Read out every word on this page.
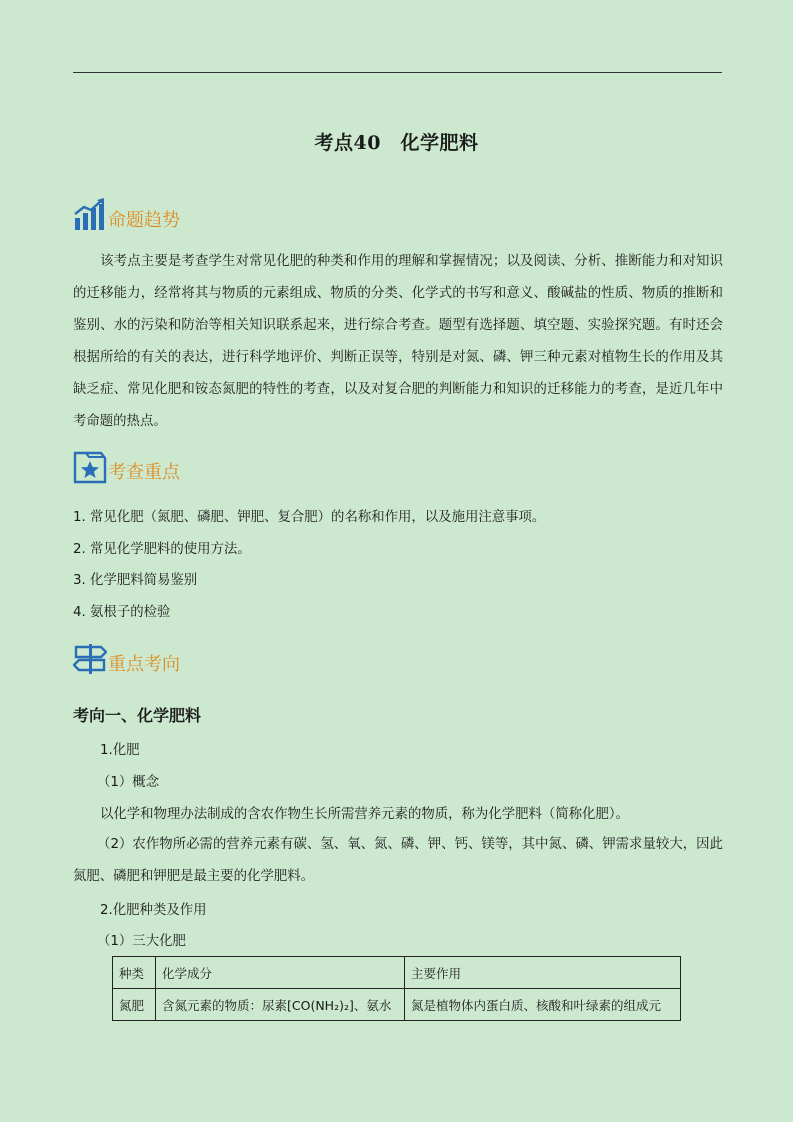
考点40　化学肥料
命题趋势

该考点主要是考查学生对常见化肥的种类和作用的理解和掌握情况；以及阅读、分析、推断能力和对知识的迁移能力，经常将其与物质的元素组成、物质的分类、化学式的书写和意义、酸碱盐的性质、物质的推断和鉴别、水的污染和防治等相关知识联系起来，进行综合考查。题型有选择题、填空题、实验探究题。有时还会根据所给的有关的表达，进行科学地评价、判断正误等，特别是对氮、磷、钾三种元素对植物生长的作用及其缺乏症、常见化肥和铵态氮肥的特性的考查，以及对复合肥的判断能力和知识的迁移能力的考查，是近几年中考命题的热点。

考查重点
1. 常见化肥（氮肥、磷肥、钾肥、复合肥）的名称和作用，以及施用注意事项。
2. 常见化学肥料的使用方法。
3. 化学肥料简易鉴别
4. 氨根子的检验
重点考向
考向一、化学肥料
1.化肥
（1）概念
以化学和物理办法制成的含农作物生长所需营养元素的物质，称为化学肥料（简称化肥）。

（2）农作物所必需的营养元素有碳、氢、氧、氮、磷、钾、钙、镁等，其中氮、磷、钾需求量较大，因此氮肥、磷肥和钾肥是最主要的化学肥料。

2.化肥种类及作用
（1）三大化肥
种类	化学成分	主要作用
氮肥	含氮元素的物质：尿素[CO(NH₂)₂]、氨水	氮是植物体内蛋白质、核酸和叶绿素的组成元
